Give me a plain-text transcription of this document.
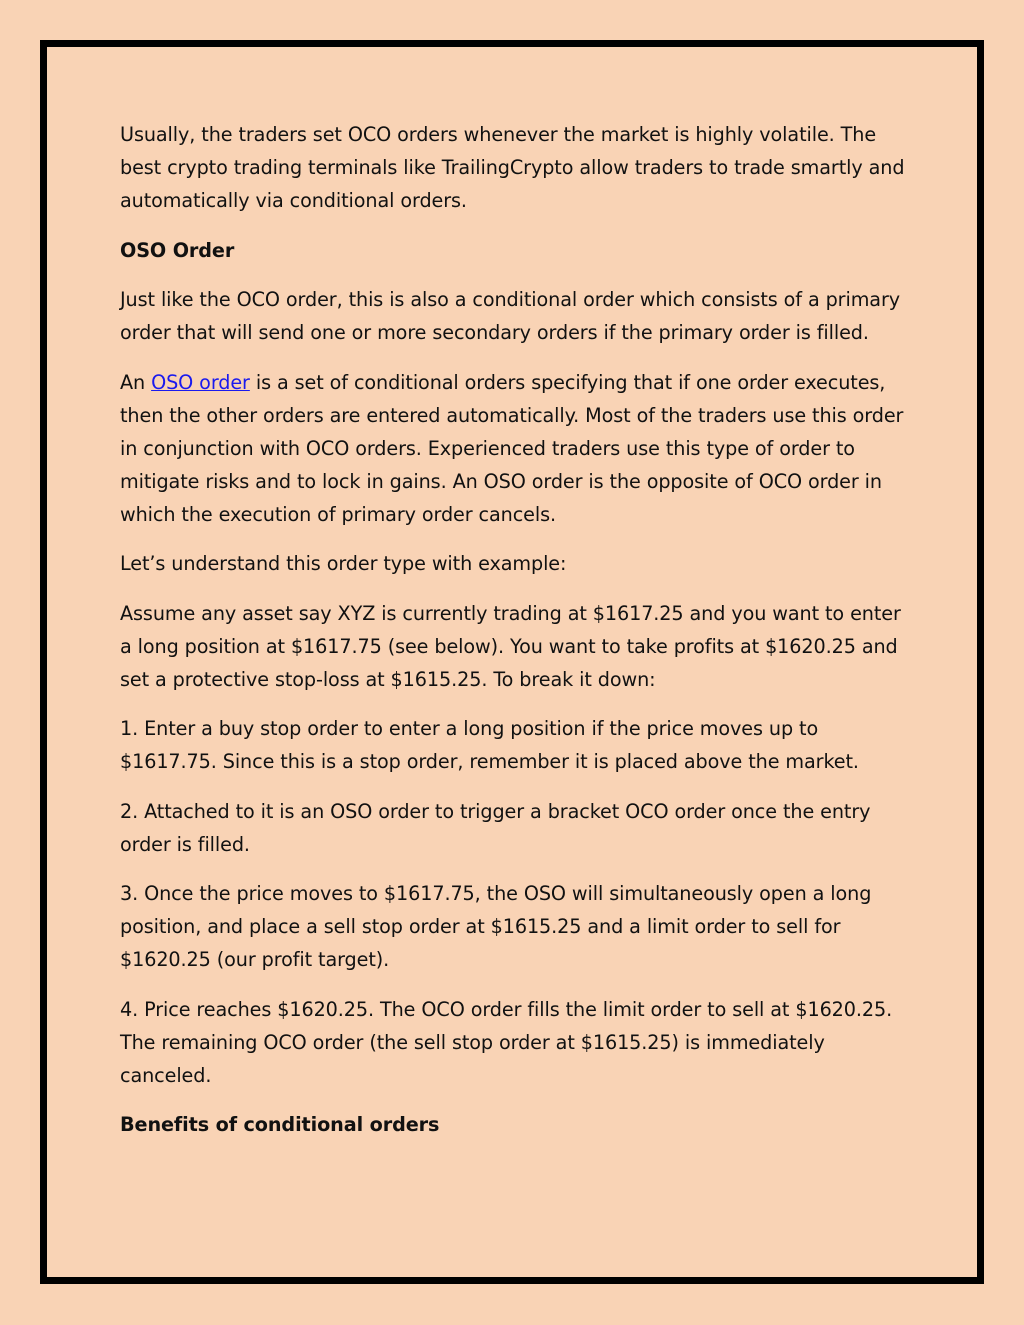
Usually, the traders set OCO orders whenever the market is highly volatile. The best crypto trading terminals like TrailingCrypto allow traders to trade smartly and automatically via conditional orders.

OSO Order

Just like the OCO order, this is also a conditional order which consists of a primary order that will send one or more secondary orders if the primary order is filled.

An OSO order is a set of conditional orders specifying that if one order executes, then the other orders are entered automatically. Most of the traders use this order in conjunction with OCO orders. Experienced traders use this type of order to mitigate risks and to lock in gains. An OSO order is the opposite of OCO order in which the execution of primary order cancels.

Let’s understand this order type with example:

Assume any asset say XYZ is currently trading at $1617.25 and you want to enter a long position at $1617.75 (see below). You want to take profits at $1620.25 and set a protective stop-loss at $1615.25. To break it down:

1. Enter a buy stop order to enter a long position if the price moves up to $1617.75. Since this is a stop order, remember it is placed above the market.

2. Attached to it is an OSO order to trigger a bracket OCO order once the entry order is filled.

3. Once the price moves to $1617.75, the OSO will simultaneously open a long position, and place a sell stop order at $1615.25 and a limit order to sell for $1620.25 (our profit target).

4. Price reaches $1620.25. The OCO order fills the limit order to sell at $1620.25. The remaining OCO order (the sell stop order at $1615.25) is immediately canceled.

Benefits of conditional orders
